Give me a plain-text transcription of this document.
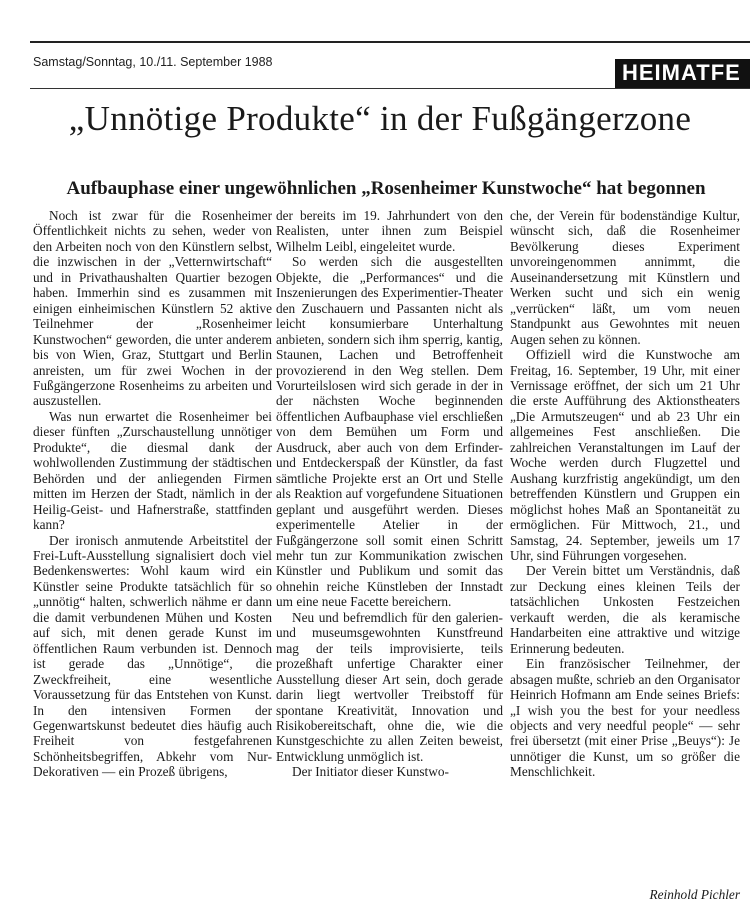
Samstag/Sonntag, 10./11. September 1988	HEIMATFE
„Unnötige Produkte“ in der Fußgängerzone
Aufbauphase einer ungewöhnlichen „Rosenheimer Kunstwoche“ hat begonnen

Noch ist zwar für die Rosenheimer Öffentlichkeit nichts zu sehen, weder von den Arbeiten noch von den Künstlern selbst, die inzwischen in der „Vetternwirtschaft“ und in Privathaushalten Quartier bezogen haben. Immerhin sind es zusammen mit einigen einheimischen Künstlern 52 aktive Teilnehmer der „Rosenheimer Kunstwochen“ geworden, die unter anderem bis von Wien, Graz, Stuttgart und Berlin anreisten, um für zwei Wochen in der Fußgängerzone Rosenheims zu arbeiten und auszustellen.

Was nun erwartet die Rosenheimer bei dieser fünften „Zurschaustellung unnötiger Produkte“, die diesmal dank der wohlwollenden Zustimmung der städtischen Behörden und der anliegenden Firmen mitten im Herzen der Stadt, nämlich in der Heilig-Geist- und Hafnerstraße, stattfinden kann?

Der ironisch anmutende Arbeitstitel der Frei-Luft-Ausstellung signalisiert doch viel Bedenkenswertes: Wohl kaum wird ein Künstler seine Produkte tatsächlich für so „unnötig“ halten, schwerlich nähme er dann die damit verbundenen Mühen und Kosten auf sich, mit denen gerade Kunst im öffentlichen Raum verbunden ist. Dennoch ist gerade das „Unnötige“, die Zweckfreiheit, eine wesentliche Voraussetzung für das Entstehen von Kunst. In den intensiven Formen der Gegenwartskunst bedeutet dies häufig auch Freiheit von festgefahrenen Schönheitsbegriffen, Abkehr vom Nur-Dekorativen — ein Prozeß übrigens,

der bereits im 19. Jahrhundert von den Realisten, unter ihnen zum Beispiel Wilhelm Leibl, eingeleitet wurde.

So werden sich die ausgestellten Objekte, die „Performances“ und die Inszenierungen des Experimentier-Theater den Zuschauern und Passanten nicht als leicht konsumierbare Unterhaltung anbieten, sondern sich ihm sperrig, kantig, Staunen, Lachen und Betroffenheit provozierend in den Weg stellen. Dem Vorurteilslosen wird sich gerade in der in der nächsten Woche beginnenden öffentlichen Aufbauphase viel erschließen von dem Bemühen um Form und Ausdruck, aber auch von dem Erfinder- und Entdeckerspaß der Künstler, da fast sämtliche Projekte erst an Ort und Stelle als Reaktion auf vorgefundene Situationen geplant und ausgeführt werden. Dieses experimentelle Atelier in der Fußgängerzone soll somit einen Schritt mehr tun zur Kommunikation zwischen Künstler und Publikum und somit das ohnehin reiche Künstleben der Innstadt um eine neue Facette bereichern.

Neu und befremdlich für den galerien- und museumsgewohnten Kunstfreund mag der teils improvisierte, teils prozeßhaft unfertige Charakter einer Ausstellung dieser Art sein, doch gerade darin liegt wertvoller Treibstoff für spontane Kreativität, Innovation und Risikobereitschaft, ohne die, wie die Kunstgeschichte zu allen Zeiten beweist, Entwicklung unmöglich ist.

Der Initiator dieser Kunstwo-

che, der Verein für bodenständige Kultur, wünscht sich, daß die Rosenheimer Bevölkerung dieses Experiment unvoreingenommen annimmt, die Auseinandersetzung mit Künstlern und Werken sucht und sich ein wenig „verrücken“ läßt, um vom neuen Standpunkt aus Gewohntes mit neuen Augen sehen zu können.

Offiziell wird die Kunstwoche am Freitag, 16. September, 19 Uhr, mit einer Vernissage eröffnet, der sich um 21 Uhr die erste Aufführung des Aktionstheaters „Die Armutszeugen“ und ab 23 Uhr ein allgemeines Fest anschließen. Die zahlreichen Veranstaltungen im Lauf der Woche werden durch Flugzettel und Aushang kurzfristig angekündigt, um den betreffenden Künstlern und Gruppen ein möglichst hohes Maß an Spontaneität zu ermöglichen. Für Mittwoch, 21., und Samstag, 24. September, jeweils um 17 Uhr, sind Führungen vorgesehen.

Der Verein bittet um Verständnis, daß zur Deckung eines kleinen Teils der tatsächlichen Unkosten Festzeichen verkauft werden, die als keramische Handarbeiten eine attraktive und witzige Erinnerung bedeuten.

Ein französischer Teilnehmer, der absagen mußte, schrieb an den Organisator Heinrich Hofmann am Ende seines Briefs: „I wish you the best for your needless objects and very needful people“ — sehr frei übersetzt (mit einer Prise „Beuys“): Je unnötiger die Kunst, um so größer die Menschlichkeit.

Reinhold Pichler
